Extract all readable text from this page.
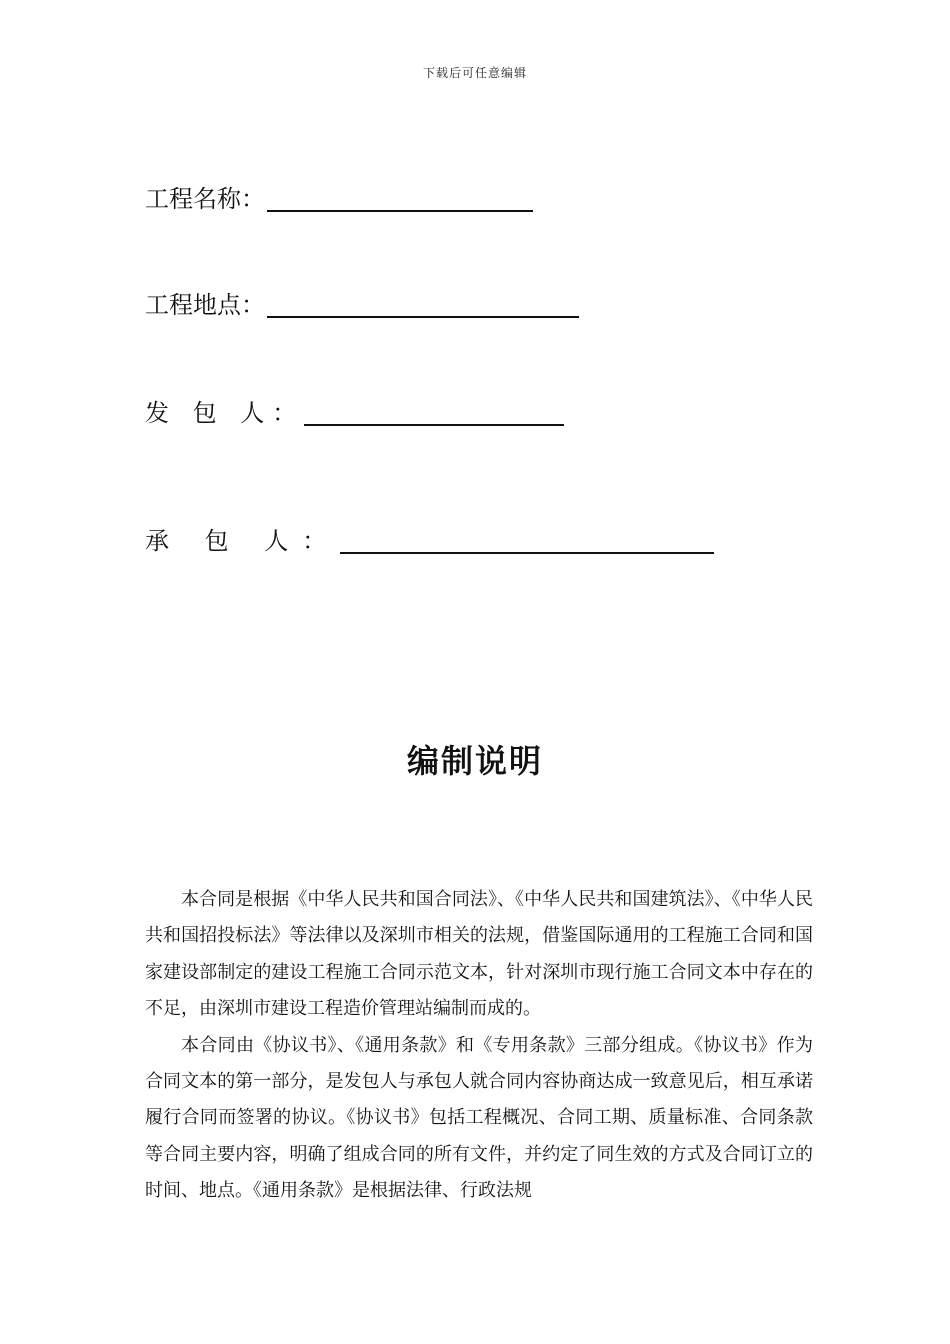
下载后可任意编辑
工程名称：
工程地点：
发 包 人：
承 包 人：
编制说明

本合同是根据《中华人民共和国合同法》、《中华人民共和国建筑法》、《中华人民共和国招投标法》等法律以及深圳市相关的法规，借鉴国际通用的工程施工合同和国家建设部制定的建设工程施工合同示范文本，针对深圳市现行施工合同文本中存在的不足，由深圳市建设工程造价管理站编制而成的。

本合同由《协议书》、《通用条款》和《专用条款》三部分组成。《协议书》作为合同文本的第一部分，是发包人与承包人就合同内容协商达成一致意见后，相互承诺履行合同而签署的协议。《协议书》包括工程概况、合同工期、质量标准、合同条款等合同主要内容，明确了组成合同的所有文件，并约定了同生效的方式及合同订立的时间、地点。《通用条款》是根据法律、行政法规
